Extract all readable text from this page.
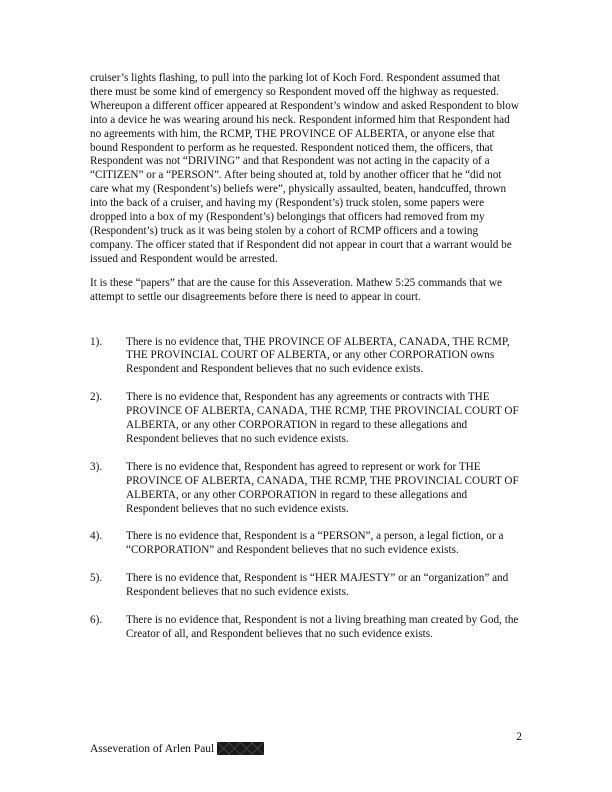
cruiser’s lights flashing, to pull into the parking lot of Koch Ford. Respondent assumed that there must be some kind of emergency so Respondent moved off the highway as requested. Whereupon a different officer appeared at Respondent’s window and asked Respondent to blow into a device he was wearing around his neck. Respondent informed him that Respondent had no agreements with him, the RCMP, THE PROVINCE OF ALBERTA, or anyone else that bound Respondent to perform as he requested. Respondent noticed them, the officers, that Respondent was not “DRIVING” and that Respondent was not acting in the capacity of a “CITIZEN” or a “PERSON”. After being shouted at, told by another officer that he “did not care what my (Respondent’s) beliefs were”, physically assaulted, beaten, handcuffed, thrown into the back of a cruiser, and having my (Respondent’s) truck stolen, some papers were dropped into a box of my (Respondent’s) belongings that officers had removed from my (Respondent’s) truck as it was being stolen by a cohort of RCMP officers and a towing company. The officer stated that if Respondent did not appear in court that a warrant would be issued and Respondent would be arrested.

It is these “papers” that are the cause for this Asseveration. Mathew 5:25 commands that we attempt to settle our disagreements before there is need to appear in court.

1).	There is no evidence that, THE PROVINCE OF ALBERTA, CANADA, THE RCMP, THE PROVINCIAL COURT OF ALBERTA, or any other CORPORATION owns Respondent and Respondent believes that no such evidence exists.
2).	There is no evidence that, Respondent has any agreements or contracts with THE PROVINCE OF ALBERTA, CANADA, THE RCMP, THE PROVINCIAL COURT OF ALBERTA, or any other CORPORATION in regard to these allegations and Respondent believes that no such evidence exists.
3).	There is no evidence that, Respondent has agreed to represent or work for THE PROVINCE OF ALBERTA, CANADA, THE RCMP, THE PROVINCIAL COURT OF ALBERTA, or any other CORPORATION in regard to these allegations and Respondent believes that no such evidence exists.
4).	There is no evidence that, Respondent is a “PERSON”, a person, a legal fiction, or a “CORPORATION” and Respondent believes that no such evidence exists.
5).	There is no evidence that, Respondent is “HER MAJESTY” or an “organization” and Respondent believes that no such evidence exists.
6).	There is no evidence that, Respondent is not a living breathing man created by God, the Creator of all, and Respondent believes that no such evidence exists.
2
Asseveration of Arlen Paul
